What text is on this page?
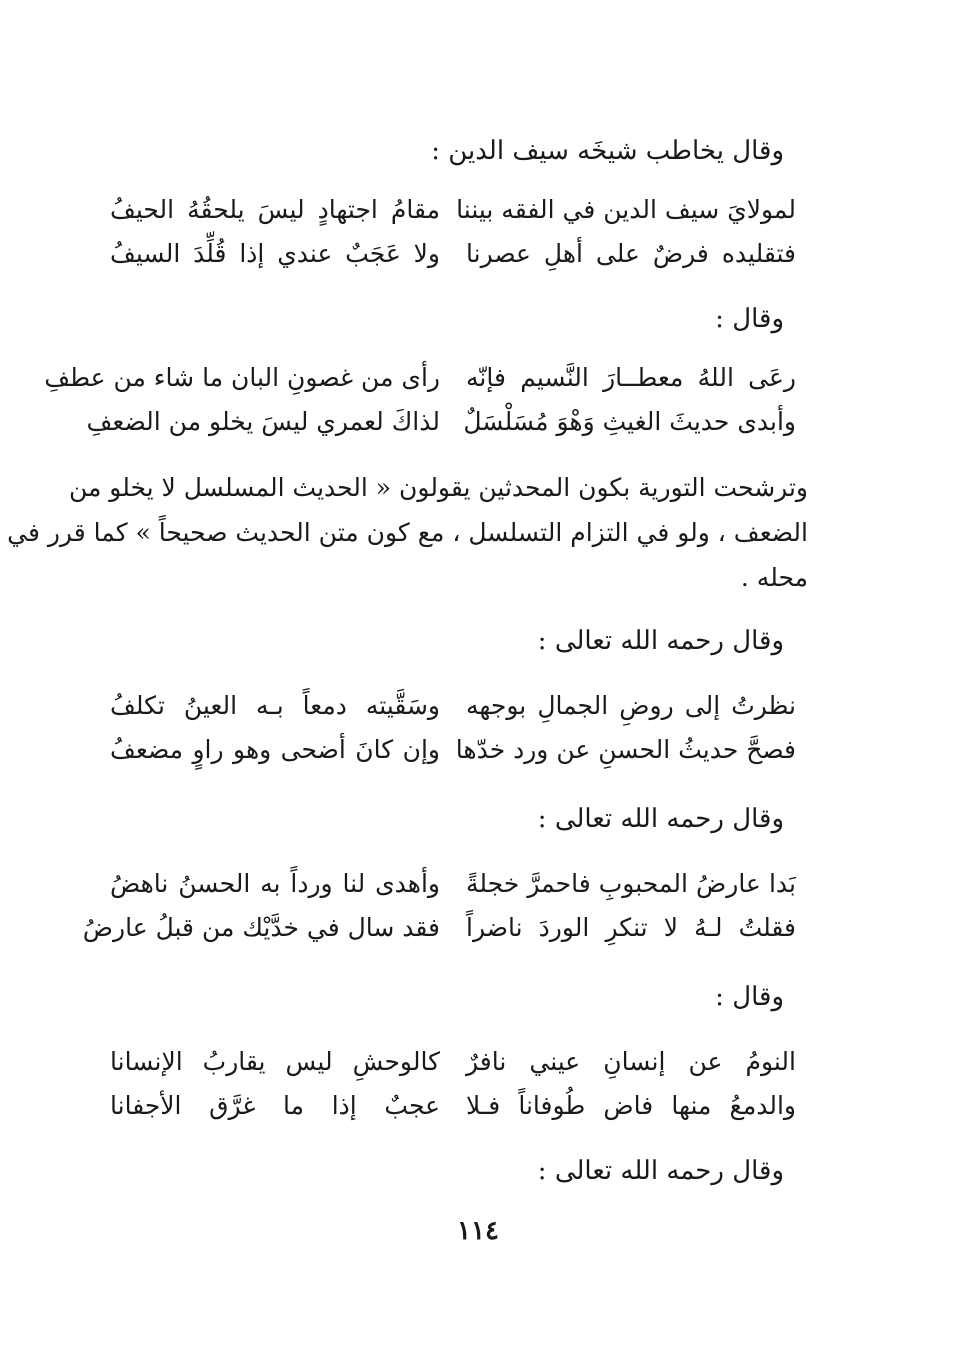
وقال يخاطب شيخَه سيف الدين :
لمولايَ سيف الدين في الفقه بيننا
مقامُ اجتهادٍ ليسَ يلحقُهُ الحيفُ
فتقليده فرضٌ على أهلِ عصرنا
ولا عَجَبٌ عندي إذا قُلِّدَ السيفُ
وقال :
رعَى اللهُ معطــارَ النَّسيم فإنّه
رأى من غصونِ البان ما شاء من عطفِ
وأبدى حديثَ الغيثِ وَهْوَ مُسَلْسَلٌ
لذاكَ لعمري ليسَ يخلو من الضعفِ
وترشحت التورية بكون المحدثين يقولون « الحديث المسلسل لا يخلو من
الضعف ، ولو في التزام التسلسل ، مع كون متن الحديث صحيحاً » كما قرر في
محله .
وقال رحمه الله تعالى :
نظرتُ إلى روضِ الجمالِ بوجهه
وسَقَّيته دمعاً بـه العينُ تكلفُ
فصحَّ حديثُ الحسنِ عن ورد خدّها
وإن كانَ أضحى وهو راوٍ مضعفُ
وقال رحمه الله تعالى :
بَدا عارضُ المحبوبِ فاحمرَّ خجلةً
وأهدى لنا ورداً به الحسنُ ناهضُ
فقلتُ لـهُ لا تنكرِ الوردَ ناضراً
فقد سال في خدَّيْك من قبلُ عارضُ
وقال :
النومُ عن إنسانِ عيني نافرٌ
كالوحشِ ليس يقاربُ الإنسانا
والدمعُ منها فاض طُوفاناً فـلا
عجبٌ إذا ما غرَّق الأجفانا
وقال رحمه الله تعالى :
١١٤
